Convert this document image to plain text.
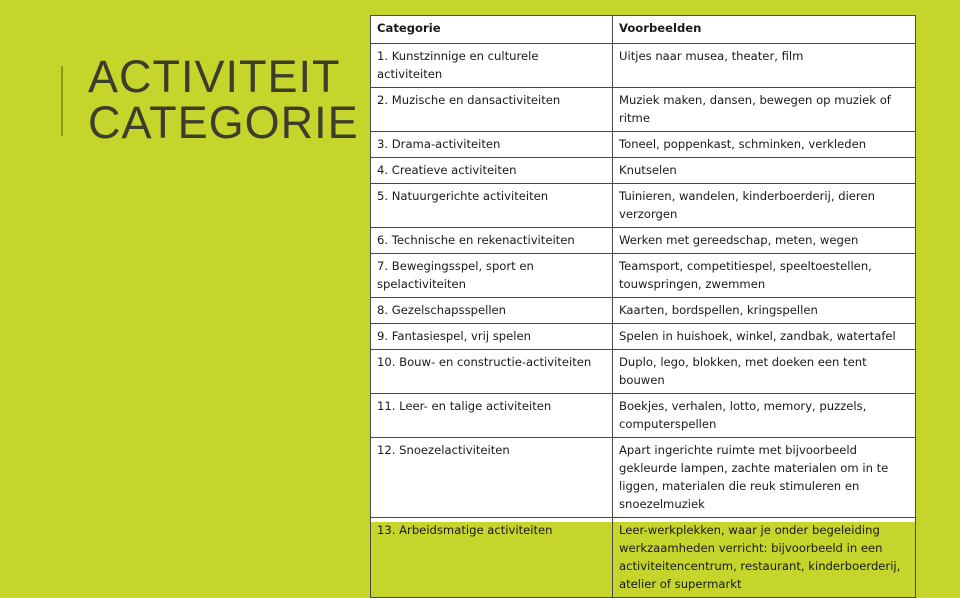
ACTIVITEIT
CATEGORIE
Categorie	Voorbeelden
1. Kunstzinnige en culturele activiteiten	Uitjes naar musea, theater, film
2. Muzische en dansactiviteiten	Muziek maken, dansen, bewegen op muziek of ritme
3. Drama-activiteiten	Toneel, poppenkast, schminken, verkleden
4. Creatieve activiteiten	Knutselen
5. Natuurgerichte activiteiten	Tuinieren, wandelen, kinderboerderij, dieren verzorgen
6. Technische en rekenactiviteiten	Werken met gereedschap, meten, wegen
7. Bewegingsspel, sport en spelactiviteiten	Teamsport, competitiespel, speeltoestellen, touwspringen, zwemmen
8. Gezelschapsspellen	Kaarten, bordspellen, kringspellen
9. Fantasiespel, vrij spelen	Spelen in huishoek, winkel, zandbak, watertafel
10. Bouw- en constructie-activiteiten	Duplo, lego, blokken, met doeken een tent bouwen
11. Leer- en talige activiteiten	Boekjes, verhalen, lotto, memory, puzzels, computerspellen
12. Snoezelactiviteiten	Apart ingerichte ruimte met bijvoorbeeld gekleurde lampen, zachte materialen om in te liggen, materialen die reuk stimuleren en snoezelmuziek
13. Arbeidsmatige activiteiten	Leer-werkplekken, waar je onder begeleiding werkzaamheden verricht: bijvoorbeeld in een activiteitencentrum, restaurant, kinderboerderij, atelier of supermarkt
